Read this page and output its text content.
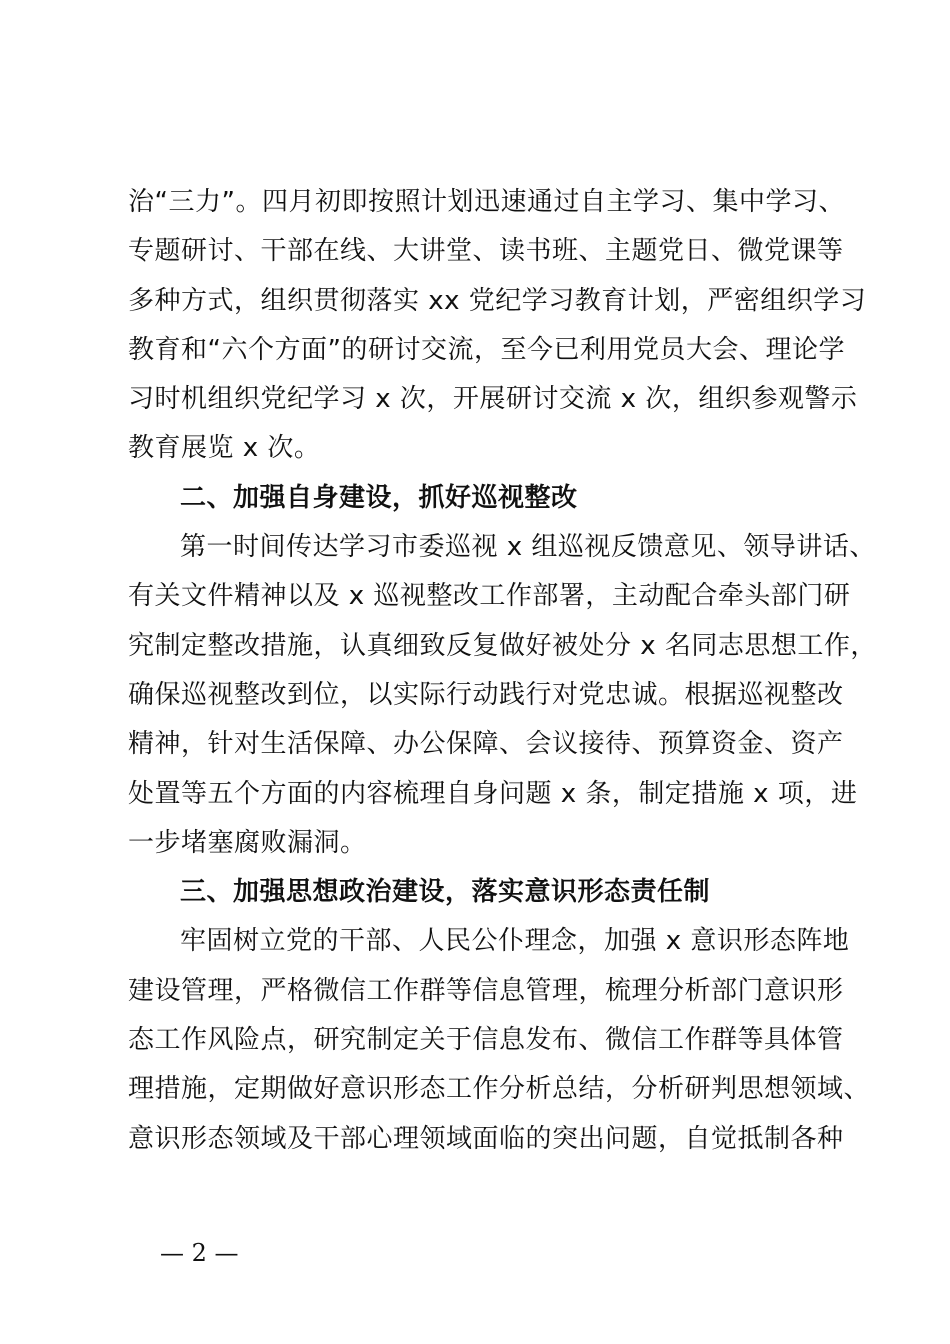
治“三力”。四月初即按照计划迅速通过自主学习、集中学习、
专题研讨、干部在线、大讲堂、读书班、主题党日、微党课等
多种方式，组织贯彻落实 xx 党纪学习教育计划，严密组织学习
教育和“六个方面”的研讨交流，至今已利用党员大会、理论学
习时机组织党纪学习 x 次，开展研讨交流 x 次，组织参观警示
教育展览 x 次。
二、加强自身建设，抓好巡视整改
第一时间传达学习市委巡视 x 组巡视反馈意见、领导讲话、
有关文件精神以及 x 巡视整改工作部署，主动配合牵头部门研
究制定整改措施，认真细致反复做好被处分 x 名同志思想工作，
确保巡视整改到位，以实际行动践行对党忠诚。根据巡视整改
精神，针对生活保障、办公保障、会议接待、预算资金、资产
处置等五个方面的内容梳理自身问题 x 条，制定措施 x 项，进
一步堵塞腐败漏洞。
三、加强思想政治建设，落实意识形态责任制
牢固树立党的干部、人民公仆理念，加强 x 意识形态阵地
建设管理，严格微信工作群等信息管理，梳理分析部门意识形
态工作风险点，研究制定关于信息发布、微信工作群等具体管
理措施，定期做好意识形态工作分析总结，分析研判思想领域、
意识形态领域及干部心理领域面临的突出问题，自觉抵制各种
— 2 —
